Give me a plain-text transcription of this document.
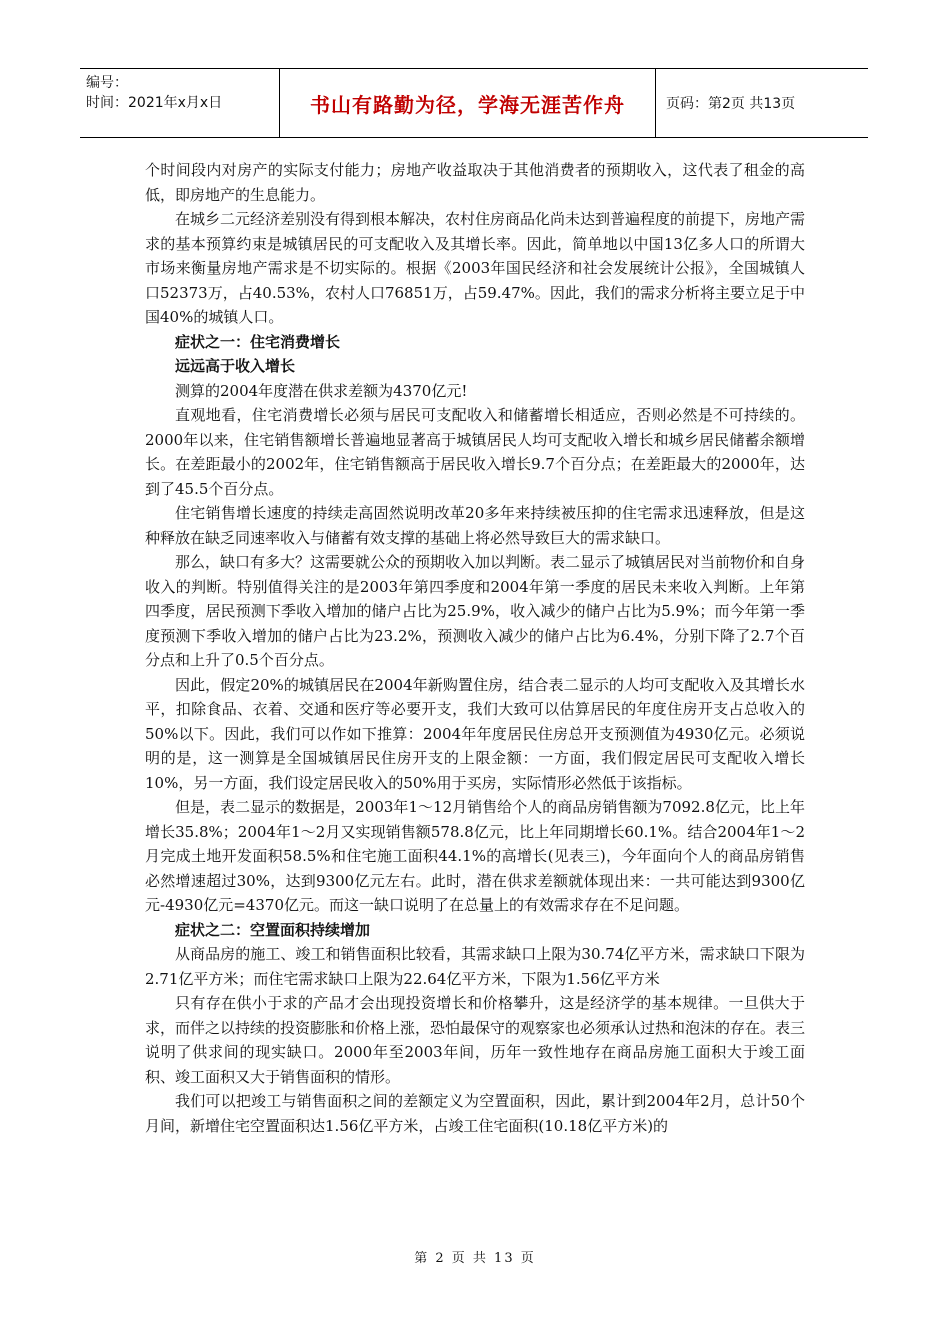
编号：
时间：2021年x月x日	书山有路勤为径，学海无涯苦作舟	页码：第2页 共13页

个时间段内对房产的实际支付能力；房地产收益取决于其他消费者的预期收入，这代表了租金的高低，即房地产的生息能力。

在城乡二元经济差别没有得到根本解决，农村住房商品化尚未达到普遍程度的前提下，房地产需求的基本预算约束是城镇居民的可支配收入及其增长率。因此，简单地以中国13亿多人口的所谓大市场来衡量房地产需求是不切实际的。根据《2003年国民经济和社会发展统计公报》，全国城镇人口52373万，占40.53%，农村人口76851万，占59.47%。因此，我们的需求分析将主要立足于中国40%的城镇人口。

症状之一：住宅消费增长

远远高于收入增长

测算的2004年度潜在供求差额为4370亿元!

直观地看，住宅消费增长必须与居民可支配收入和储蓄增长相适应，否则必然是不可持续的。2000年以来，住宅销售额增长普遍地显著高于城镇居民人均可支配收入增长和城乡居民储蓄余额增长。在差距最小的2002年，住宅销售额高于居民收入增长9.7个百分点；在差距最大的2000年，达到了45.5个百分点。

住宅销售增长速度的持续走高固然说明改革20多年来持续被压抑的住宅需求迅速释放，但是这种释放在缺乏同速率收入与储蓄有效支撑的基础上将必然导致巨大的需求缺口。

那么，缺口有多大？这需要就公众的预期收入加以判断。表二显示了城镇居民对当前物价和自身收入的判断。特别值得关注的是2003年第四季度和2004年第一季度的居民未来收入判断。上年第四季度，居民预测下季收入增加的储户占比为25.9%，收入减少的储户占比为5.9%；而今年第一季度预测下季收入增加的储户占比为23.2%，预测收入减少的储户占比为6.4%，分别下降了2.7个百分点和上升了0.5个百分点。

因此，假定20%的城镇居民在2004年新购置住房，结合表二显示的人均可支配收入及其增长水平，扣除食品、衣着、交通和医疗等必要开支，我们大致可以估算居民的年度住房开支占总收入的50%以下。因此，我们可以作如下推算：2004年年度居民住房总开支预测值为4930亿元。必须说明的是，这一测算是全国城镇居民住房开支的上限金额：一方面，我们假定居民可支配收入增长10%，另一方面，我们设定居民收入的50%用于买房，实际情形必然低于该指标。

但是，表二显示的数据是，2003年1～12月销售给个人的商品房销售额为7092.8亿元，比上年增长35.8%；2004年1～2月又实现销售额578.8亿元，比上年同期增长60.1%。结合2004年1～2月完成土地开发面积58.5%和住宅施工面积44.1%的高增长(见表三)，今年面向个人的商品房销售必然增速超过30%，达到9300亿元左右。此时，潜在供求差额就体现出来：一共可能达到9300亿元-4930亿元=4370亿元。而这一缺口说明了在总量上的有效需求存在不足问题。

症状之二：空置面积持续增加

从商品房的施工、竣工和销售面积比较看，其需求缺口上限为30.74亿平方米，需求缺口下限为2.71亿平方米；而住宅需求缺口上限为22.64亿平方米，下限为1.56亿平方米

只有存在供小于求的产品才会出现投资增长和价格攀升，这是经济学的基本规律。一旦供大于求，而伴之以持续的投资膨胀和价格上涨，恐怕最保守的观察家也必须承认过热和泡沫的存在。表三说明了供求间的现实缺口。2000年至2003年间，历年一致性地存在商品房施工面积大于竣工面积、竣工面积又大于销售面积的情形。

我们可以把竣工与销售面积之间的差额定义为空置面积，因此，累计到2004年2月，总计50个月间，新增住宅空置面积达1.56亿平方米，占竣工住宅面积(10.18亿平方米)的

第 2 页 共 13 页
